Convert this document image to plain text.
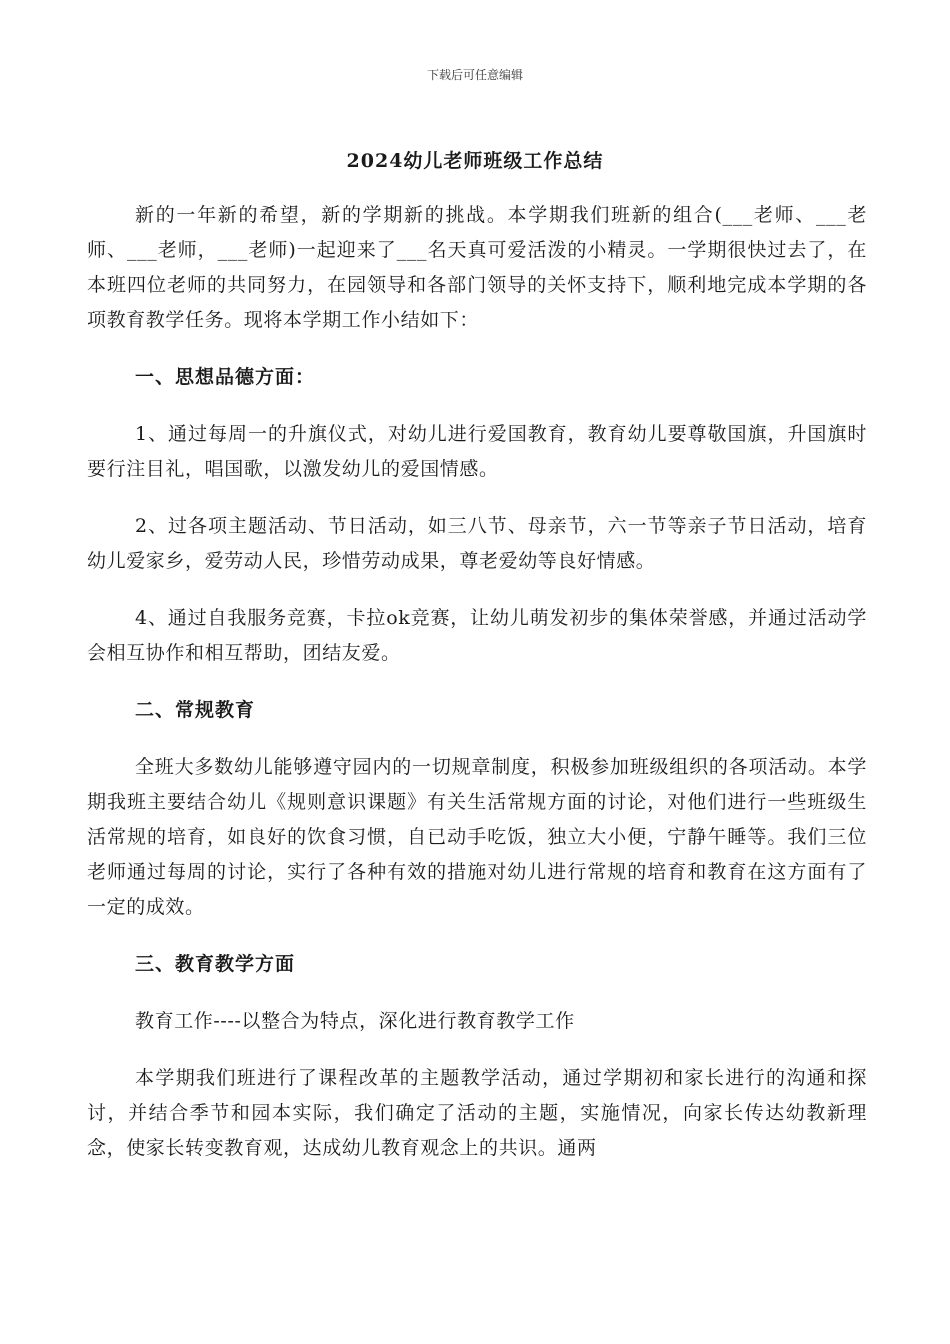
下载后可任意编辑
2024幼儿老师班级工作总结

新的一年新的希望，新的学期新的挑战。本学期我们班新的组合(___老师、___老师、___老师，___老师)一起迎来了___名天真可爱活泼的小精灵。一学期很快过去了，在本班四位老师的共同努力，在园领导和各部门领导的关怀支持下，顺利地完成本学期的各项教育教学任务。现将本学期工作小结如下：

一、思想品德方面：

1、通过每周一的升旗仪式，对幼儿进行爱国教育，教育幼儿要尊敬国旗，升国旗时要行注目礼，唱国歌，以激发幼儿的爱国情感。

2、过各项主题活动、节日活动，如三八节、母亲节，六一节等亲子节日活动，培育幼儿爱家乡，爱劳动人民，珍惜劳动成果，尊老爱幼等良好情感。

4、通过自我服务竞赛，卡拉ok竞赛，让幼儿萌发初步的集体荣誉感，并通过活动学会相互协作和相互帮助，团结友爱。

二、常规教育

全班大多数幼儿能够遵守园内的一切规章制度，积极参加班级组织的各项活动。本学期我班主要结合幼儿《规则意识课题》有关生活常规方面的讨论，对他们进行一些班级生活常规的培育，如良好的饮食习惯，自已动手吃饭，独立大小便，宁静午睡等。我们三位老师通过每周的讨论，实行了各种有效的措施对幼儿进行常规的培育和教育在这方面有了一定的成效。

三、教育教学方面
教育工作----以整合为特点，深化进行教育教学工作

本学期我们班进行了课程改革的主题教学活动，通过学期初和家长进行的沟通和探讨，并结合季节和园本实际，我们确定了活动的主题，实施情况，向家长传达幼教新理念，使家长转变教育观，达成幼儿教育观念上的共识。通两
